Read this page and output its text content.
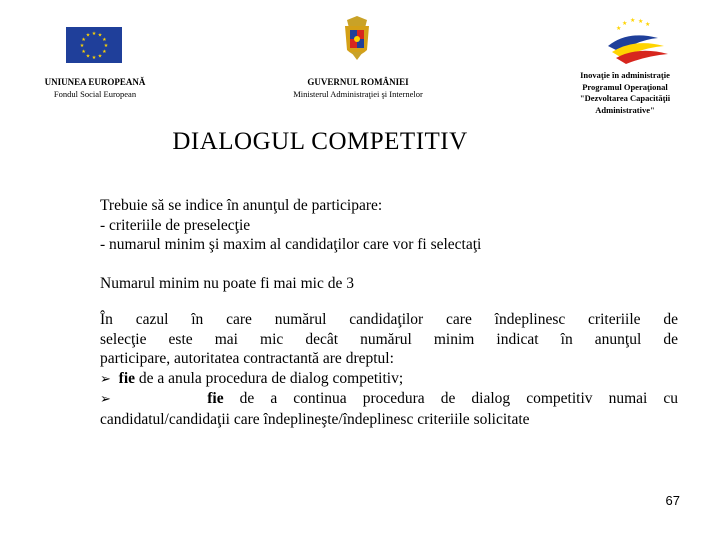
★ ★
★
★
★
★
★
★
★
★
★
★
★ ★ ★ ★
★
UNIUNEA EUROPEANĂ
Fondul Social European
GUVERNUL ROMÂNIEI
Ministerul Administraţiei şi Internelor
Inovaţie în administraţie
Programul Operaţional
"Dezvoltarea Capacităţii
Administrative"
DIALOGUL COMPETITIV
Trebuie să se indice în anunţul de participare:
- criteriile de preselecţie
- numarul minim şi maxim al candidaţilor care vor fi selectaţi
Numarul minim nu poate fi mai mic de 3
În cazul în care numărul candidaţilor care îndeplinesc criteriile de
selecţie este mai mic decât numărul minim indicat în anunţul de
participare, autoritatea contractantă are dreptul:
➢ fie de a anula procedura de dialog competitiv;
➢	fie de a continua procedura de dialog competitiv numai cu
candidatul/candidaţii care îndeplineşte/îndeplinesc criteriile solicitate
67
